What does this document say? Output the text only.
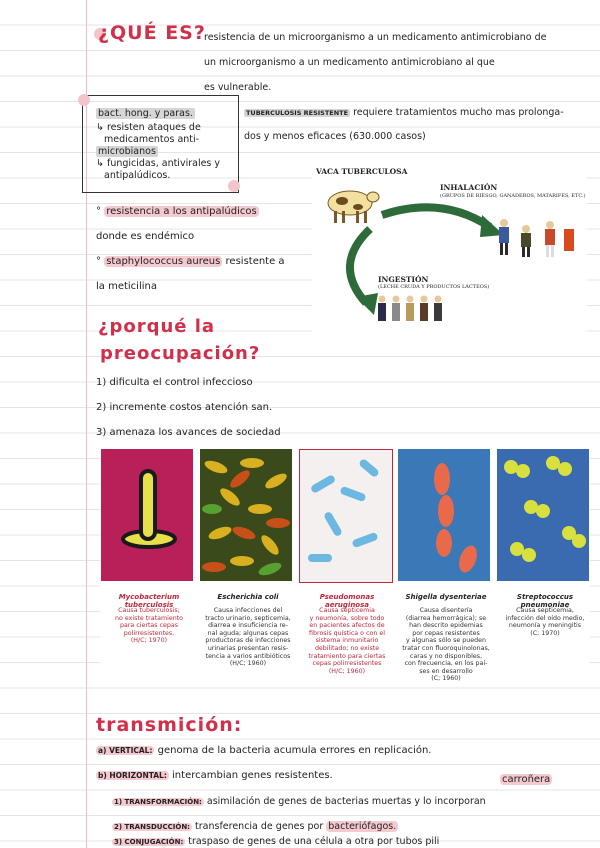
¿QUÉ ES?
resistencia de un microorganismo a un medicamento antimicrobiano de
un microorganismo a un medicamento antimicrobiano al que
es vulnerable.
bact. hong. y paras.
↳ resisten ataques de
medicamentos anti-
microbianos
↳ fungicidas, antivirales y
antipalúdicos.
TUBERCULOSIS RESISTENTE requiere tratamientos mucho mas prolonga-
dos y menos eficaces (630.000 casos)
° resistencia a los antipalúdicos
donde es endémico
° staphylococcus aureus resistente a
la meticilina
VACA TUBERCULOSA
INHALACIÓN
(GRUPOS DE RIESGO, GANADEROS, MATARIFES, ETC.)
INGESTIÓN
(LECHE CRUDA Y PRODUCTOS LÁCTEOS)
¿porqué la
preocupación?
1) dificulta el control infeccioso
2) incremente costos atención san.
3) amenaza los avances de sociedad
Mycobacterium
tuberculosis
Causa tuberculosis;
no existe tratamiento
para ciertas cepas
polirresistentes.
(H/C; 1970)
Escherichia coli
Causa infecciones del
tracto urinario, septicemia,
diarrea e insuficiencia re-
nal aguda; algunas cepas
productoras de infecciones
urinarias presentan resis-
tencia a varios antibióticos
(H/C; 1960)
Pseudomonas
aeruginosa
Causa septicemia
y neumonía, sobre todo
en pacientes afectos de
fibrosis quística o con el
sistema inmunitario
debilitado; no existe
tratamiento para ciertas
cepas polirresistentes
(H/C; 1960)
Shigella dysenteriae
Causa disentería
(diarrea hemorrágica); se
han descrito epidemias
por cepas resistentes
y algunas sólo se pueden
tratar con fluoroquinolonas,
caras y no disponibles,
con frecuencia, en los paí-
ses en desarrollo
(C; 1960)
Streptococcus
pneumoniae
Causa septicemia,
infección del oído medio,
neumonía y meningitis
(C; 1970)
transmición:
a) VERTICAL: genoma de la bacteria acumula errores en replicación.
b) HORIZONTAL: intercambian genes resistentes.	carroñera
1) TRANSFORMACIÓN: asimilación de genes de bacterias muertas y lo incorporan
2) TRANSDUCCIÓN: transferencia de genes por bacteriófagos.
3) CONJUGACIÓN: traspaso de genes de una célula a otra por tubos pili
